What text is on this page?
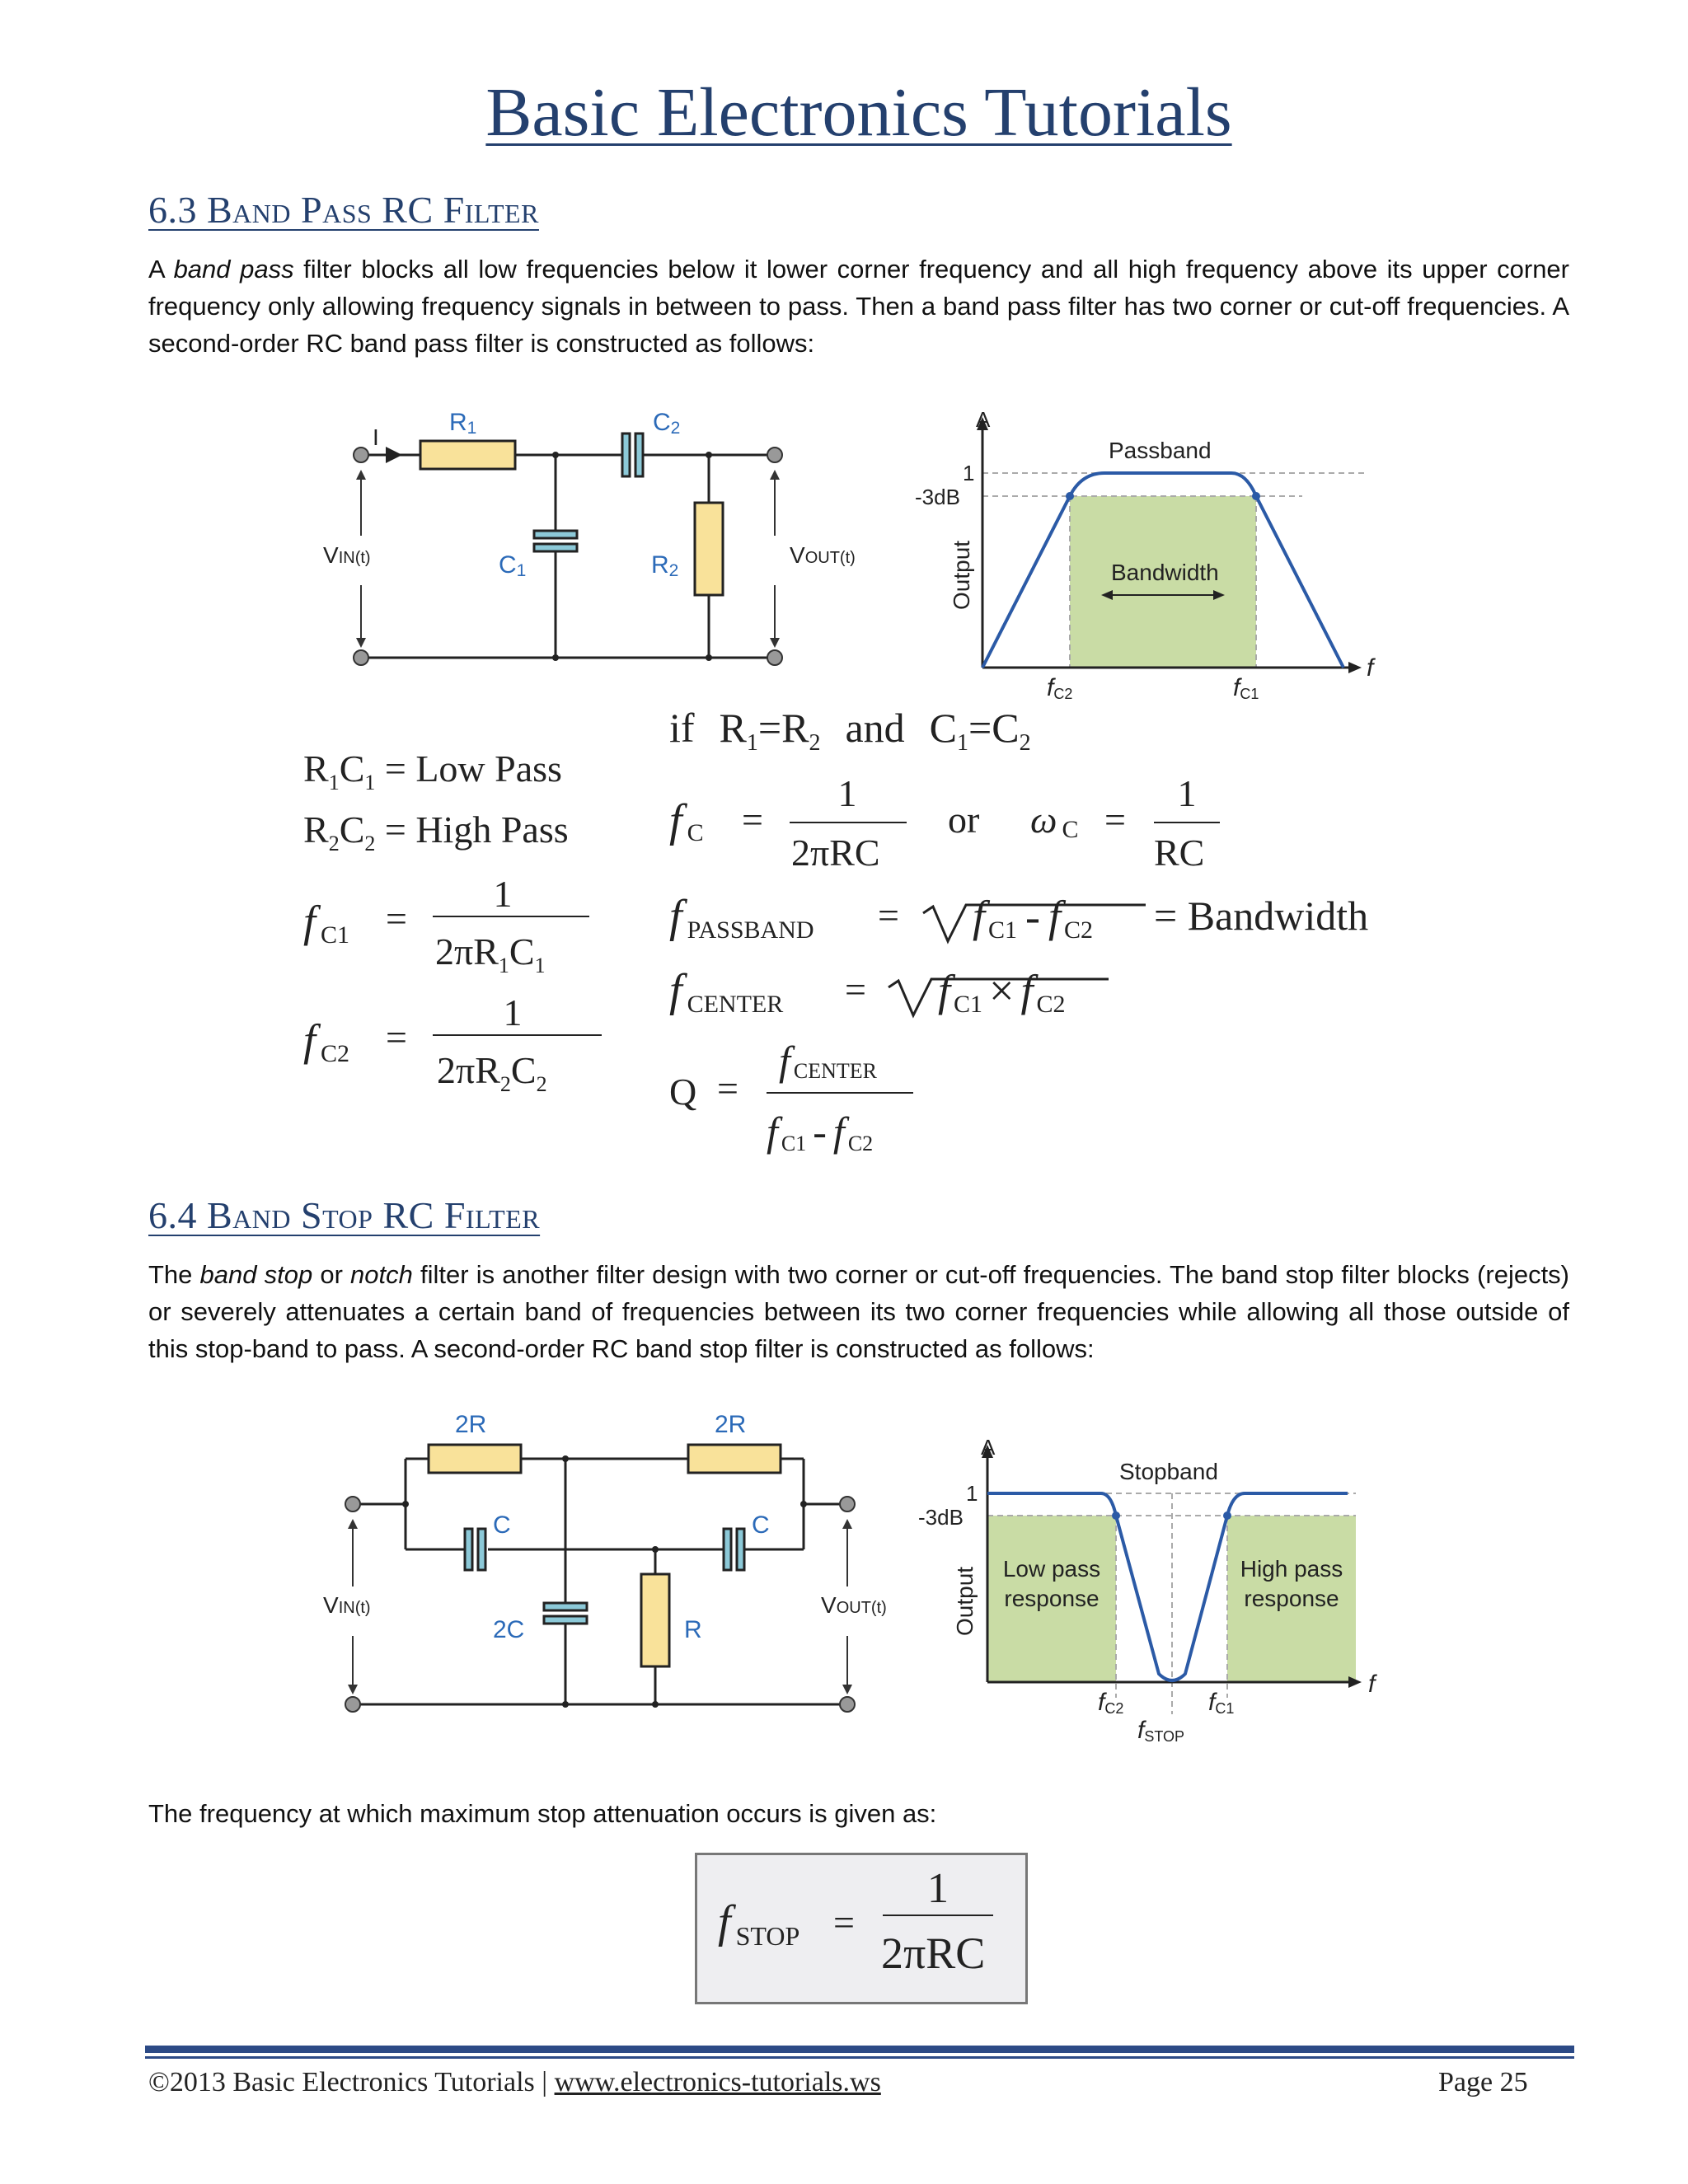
Basic Electronics Tutorials
6.3 Band Pass RC Filter
A band pass filter blocks all low frequencies below it lower corner frequency and all high frequency above its upper corner frequency only allowing frequency signals in between to pass. Then a band pass filter has two corner or cut-off frequencies. A second-order RC band pass filter is constructed as follows:
I
R1	C2
C1	R2
VIN(t)	VOUT(t)
A
1
-3dB
Passband
Bandwidth
Output
f
fC2	fC1
$R_1C_1$ = Low Pass
$R_2C_2$ = High Pass
f C1 =
1
$2\pi R_1C_1$
f C2 =
1
$2\pi R_2C_2$
if $R_1=R_2$ and $C_1=C_2$
f C =
1
2πRC
or ω C =
1
RC
fPASSBAND = f C1 - f C2 = Bandwidth
fCENTER = f C1 × f C2
Q =
fCENTER
f C1 - f C2
6.4 Band Stop RC Filter
The band stop or notch filter is another filter design with two corner or cut-off frequencies. The band stop filter blocks (rejects) or severely attenuates a certain band of frequencies between its two corner frequencies while allowing all those outside of this stop-band to pass. A second-order RC band stop filter is constructed as follows:
2R	2R
C	C
2C	R
VIN(t)	VOUT(t)
A
1
-3dB
Stopband
Low pass
response
High pass
response
Output
f
fC2	fC1
fSTOP
The frequency at which maximum stop attenuation occurs is given as:
fSTOP =
1
2πRC
©2013 Basic Electronics Tutorials | www.electronics-tutorials.ws	Page 25
